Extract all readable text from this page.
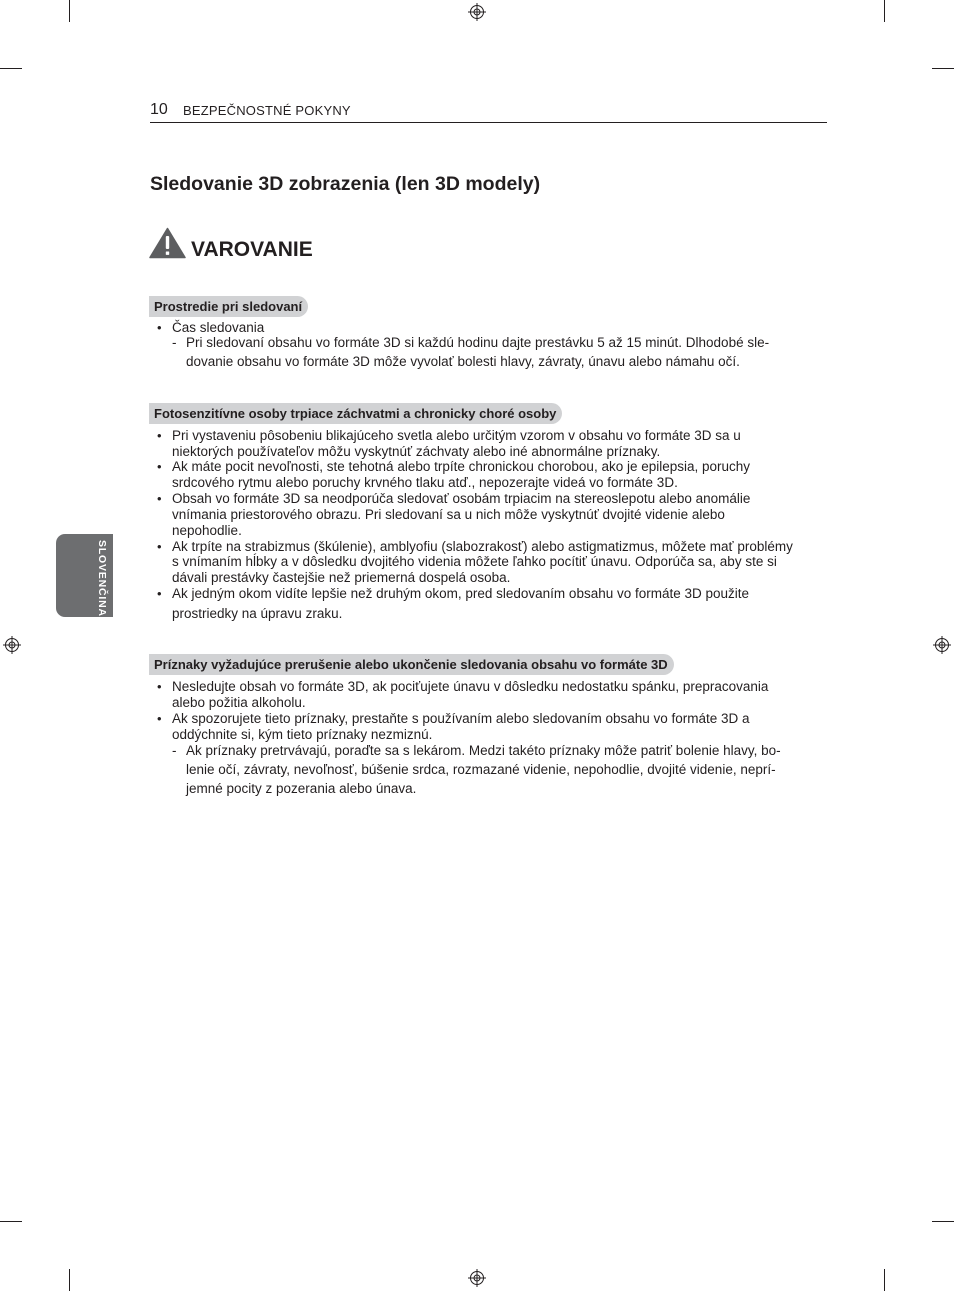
10 BEZPEČNOSTNÉ POKYNY
Sledovanie 3D zobrazenia (len 3D modely)
VAROVANIE
SLOVENČINA
Prostredie pri sledovaní
• Čas sledovania
- Pri sledovaní obsahu vo formáte 3D si každú hodinu dajte prestávku 5 až 15 minút. Dlhodobé sle-
dovanie obsahu vo formáte 3D môže vyvolať bolesti hlavy, závraty, únavu alebo námahu očí.
Fotosenzitívne osoby trpiace záchvatmi a chronicky choré osoby
• Pri vystaveniu pôsobeniu blikajúceho svetla alebo určitým vzorom v obsahu vo formáte 3D sa u
niektorých používateľov môžu vyskytnúť záchvaty alebo iné abnormálne príznaky.
• Ak máte pocit nevoľnosti, ste tehotná alebo trpíte chronickou chorobou, ako je epilepsia, poruchy
srdcového rytmu alebo poruchy krvného tlaku atď., nepozerajte videá vo formáte 3D.
• Obsah vo formáte 3D sa neodporúča sledovať osobám trpiacim na stereoslepotu alebo anomálie
vnímania priestorového obrazu. Pri sledovaní sa u nich môže vyskytnúť dvojité videnie alebo
nepohodlie.
• Ak trpíte na strabizmus (škúlenie), amblyofiu (slabozrakosť) alebo astigmatizmus, môžete mať problémy
s vnímaním hĺbky a v dôsledku dvojitého videnia môžete ľahko pocítiť únavu. Odporúča sa, aby ste si
dávali prestávky častejšie než priemerná dospelá osoba.
• Ak jedným okom vidíte lepšie než druhým okom, pred sledovaním obsahu vo formáte 3D použite
prostriedky na úpravu zraku.
Príznaky vyžadujúce prerušenie alebo ukončenie sledovania obsahu vo formáte 3D
• Nesledujte obsah vo formáte 3D, ak pociťujete únavu v dôsledku nedostatku spánku, prepracovania
alebo požitia alkoholu.
• Ak spozorujete tieto príznaky, prestaňte s používaním alebo sledovaním obsahu vo formáte 3D a
oddýchnite si, kým tieto príznaky nezmiznú.
- Ak príznaky pretrvávajú, poraďte sa s lekárom. Medzi takéto príznaky môže patriť bolenie hlavy, bo-
lenie očí, závraty, nevoľnosť, búšenie srdca, rozmazané videnie, nepohodlie, dvojité videnie, neprí-
jemné pocity z pozerania alebo únava.
